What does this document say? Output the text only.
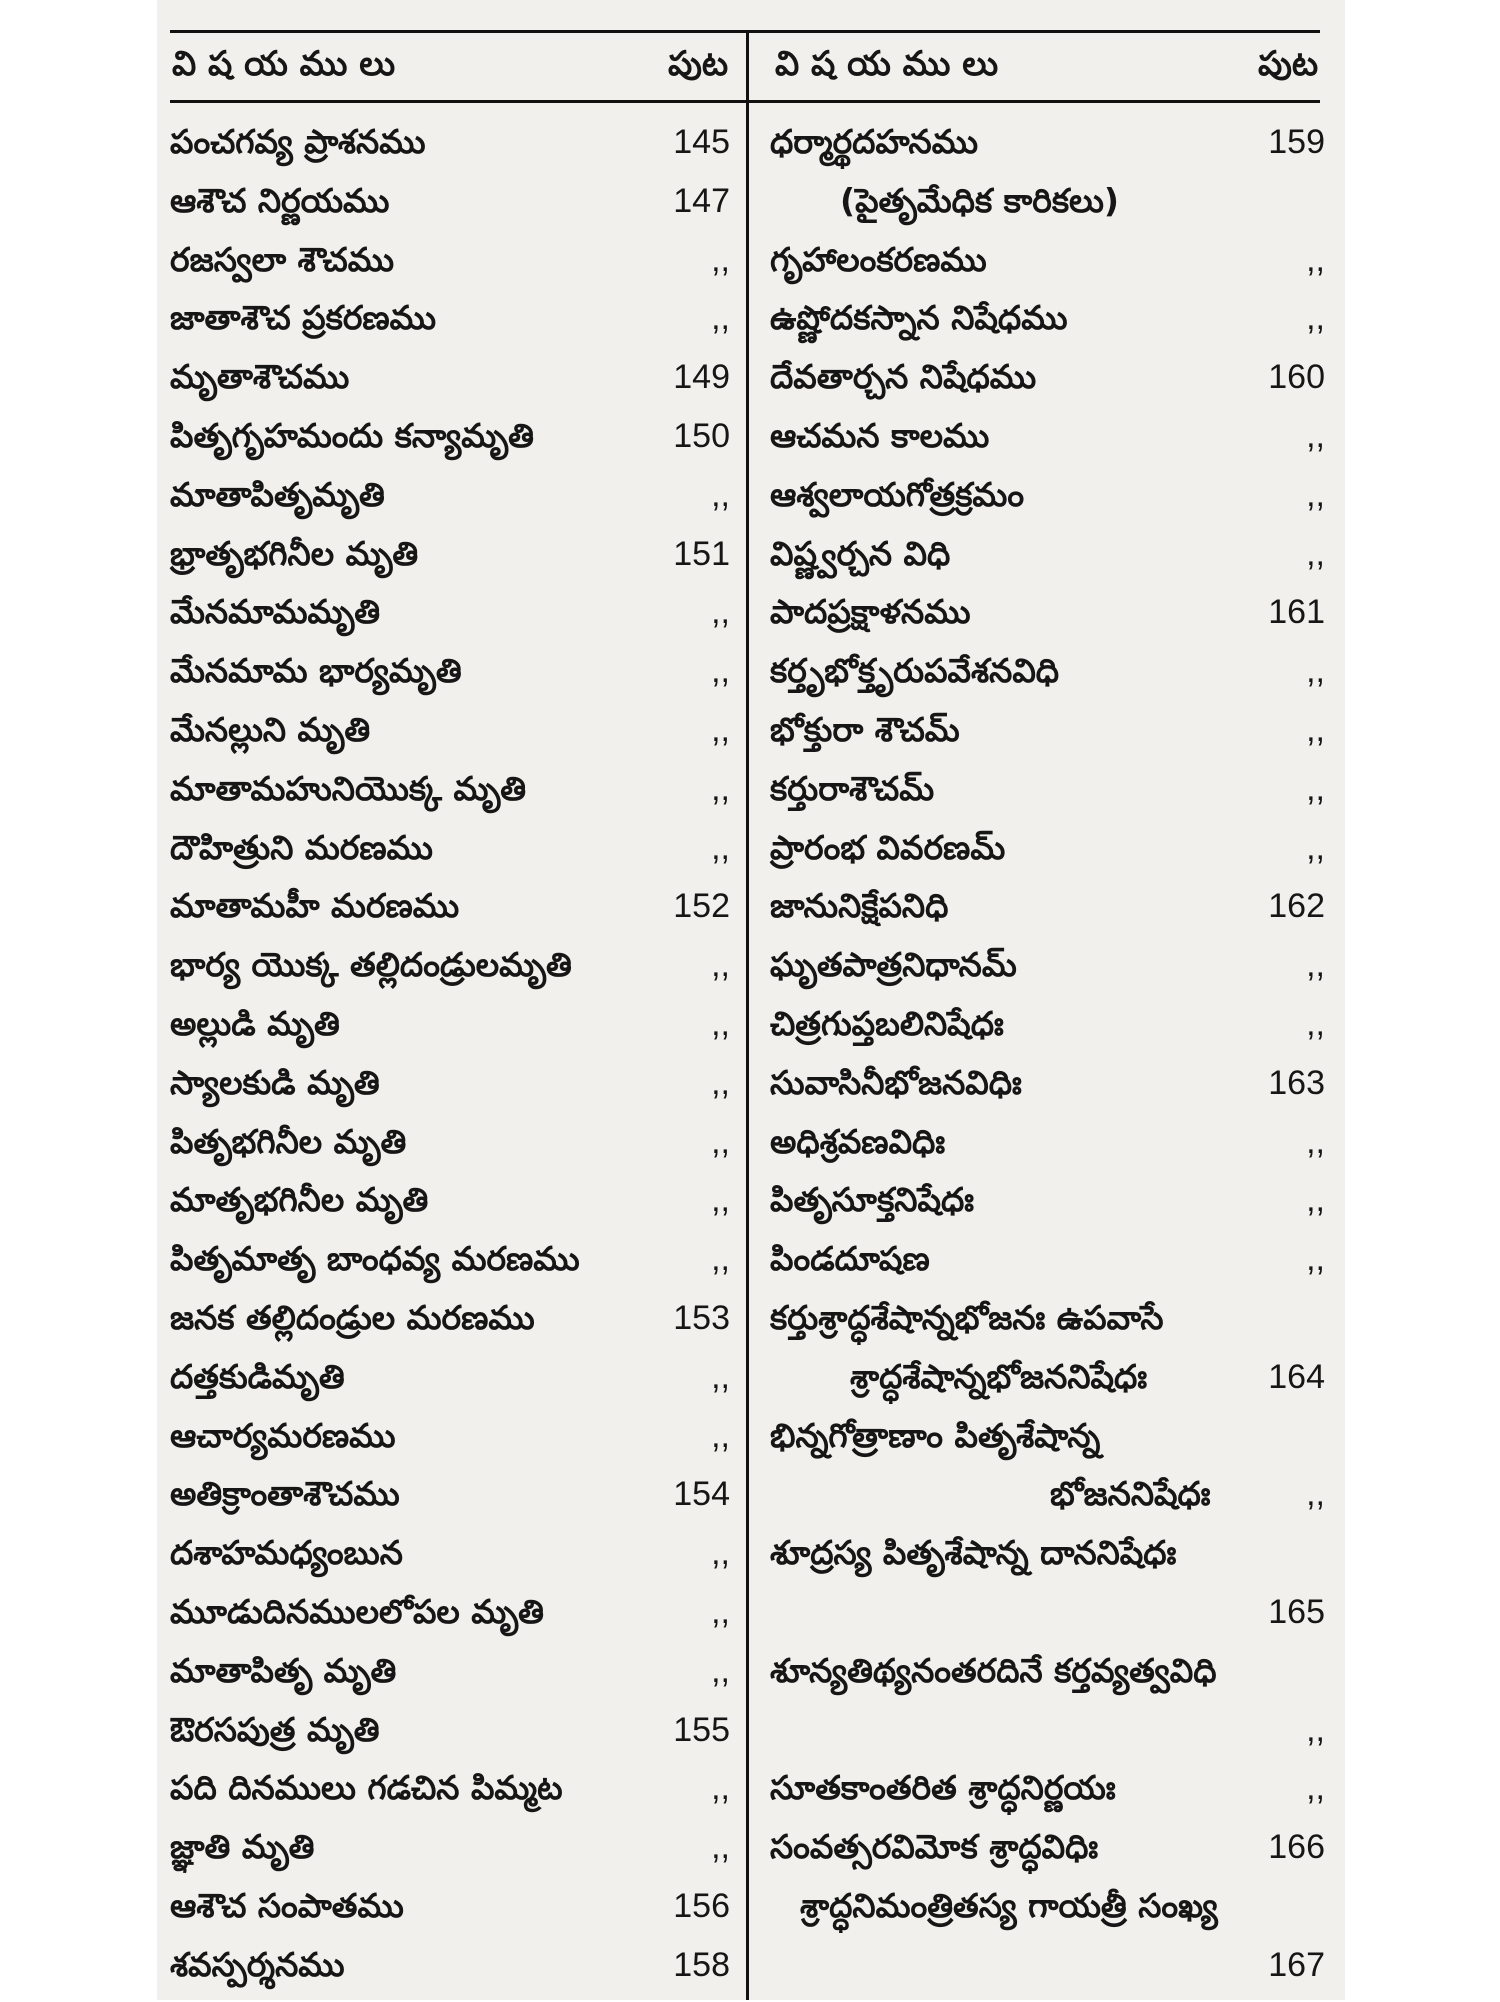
వి ష య ము లు	పుట వి ష య ము లు	పుట
పంచగవ్య ప్రాశనము	145
ఆశౌచ నిర్ణయము	147
రజస్వలా శౌచము	,,
జాతాశౌచ ప్రకరణము	,,
మృతాశౌచము	149
పితృగృహమందు కన్యామృతి	150
మాతాపితృమృతి	,,
భ్రాతృభగినీల మృతి	151
మేనమామమృతి	,,
మేనమామ భార్యమృతి	,,
మేనల్లుని మృతి	,,
మాతామహునియొక్క మృతి	,,
దౌహిత్రుని మరణము	,,
మాతామహీ మరణము	152
భార్య యొక్క తల్లిదండ్రులమృతి	,,
అల్లుడి మృతి	,,
స్యాలకుడి మృతి	,,
పితృభగినీల మృతి	,,
మాతృభగినీల మృతి	,,
పితృమాతృ బాంధవ్య మరణము	,,
జనక తల్లిదండ్రుల మరణము	153
దత్తకుడిమృతి	,,
ఆచార్యమరణము	,,
అతిక్రాంతాశౌచము	154
దశాహమధ్యంబున	,,
మూడుదినములలోపల మృతి	,,
మాతాపితృ మృతి	,,
ఔరసపుత్ర మృతి	155
పది దినములు గడచిన పిమ్మట	,,
జ్ఞాతి మృతి	,,
ఆశౌచ సంపాతము	156
శవస్పర్శనము	158
ధర్మార్థదహనము	159
(పైతృమేధిక కారికలు)
గృహాలంకరణము	,,
ఉష్ణోదకస్నాన నిషేధము	,,
దేవతార్చన నిషేధము	160
ఆచమన కాలము	,,
ఆశ్వలాయగోత్రక్రమం	,,
విష్ణ్వర్చన విధి	,,
పాదప్రక్షాళనము	161
కర్తృభోక్తృరుపవేశనవిధి	,,
భోక్తురా శౌచమ్	,,
కర్తురాశౌచమ్	,,
ప్రారంభ వివరణమ్	,,
జానునిక్షేపనిధి	162
ఘృతపాత్రనిధానమ్	,,
చిత్రగుప్తబలినిషేధః	,,
సువాసినీభోజనవిధిః	163
అధిశ్రవణవిధిః	,,
పితృసూక్తనిషేధః	,,
పిండదూషణ	,,
కర్తుశ్రాద్ధశేషాన్నభోజనః ఉపవాసే
శ్రాద్ధశేషాన్నభోజననిషేధః	164
భిన్నగోత్రాణాం పితృశేషాన్న
భోజననిషేధః	,,
శూద్రస్య పితృశేషాన్న దాననిషేధః
165
శూన్యతిథ్యనంతరదినే కర్తవ్యత్వవిధి
,,
సూతకాంతరిత శ్రాద్ధనిర్ణయః	,,
సంవత్సరవిమోక శ్రాద్ధవిధిః	166
శ్రాద్ధనిమంత్రితస్య గాయత్రీ సంఖ్య
167
